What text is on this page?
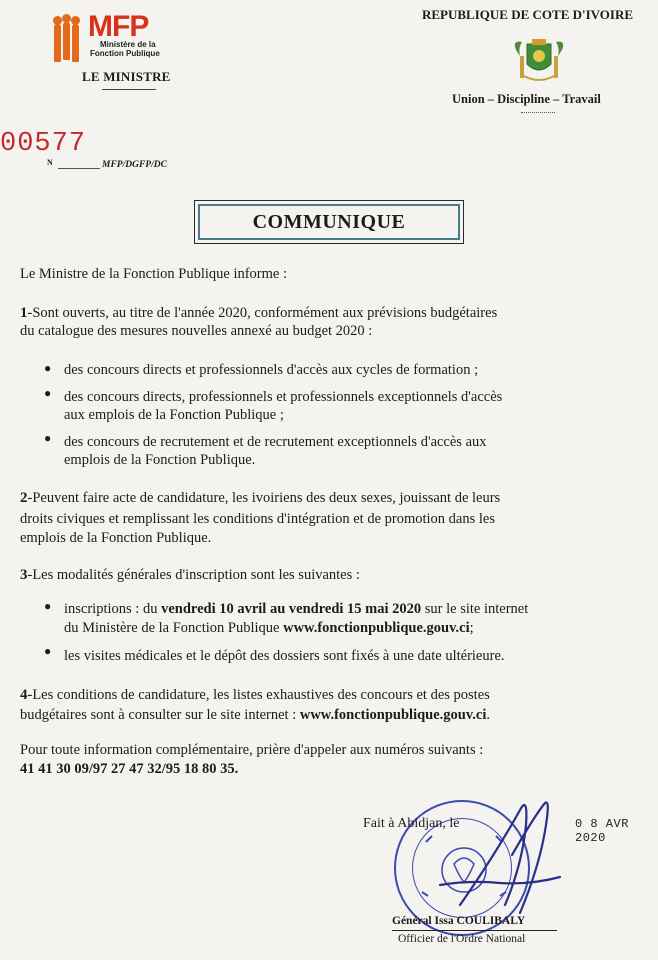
MFP
Ministère de la
Fonction Publique
LE MINISTRE
REPUBLIQUE DE COTE D'IVOIRE
Union – Discipline – Travail
00577
N	MFP/DGFP/DC
COMMUNIQUE
Le Ministre de la Fonction Publique informe :
1-Sont ouverts, au titre de l'année 2020, conformément aux prévisions budgétaires
du catalogue des mesures nouvelles annexé au budget 2020 :
● des concours directs et professionnels d'accès aux cycles de formation ;
● des concours directs, professionnels et professionnels exceptionnels d'accès
aux emplois de la Fonction Publique ;
● des concours de recrutement et de recrutement exceptionnels d'accès aux
emplois de la Fonction Publique.
2-Peuvent faire acte de candidature, les ivoiriens des deux sexes, jouissant de leurs
droits civiques et remplissant les conditions d'intégration et de promotion dans les
emplois de la Fonction Publique.
3-Les modalités générales d'inscription sont les suivantes :
● inscriptions : du vendredi 10 avril au vendredi 15 mai 2020 sur le site internet
du Ministère de la Fonction Publique www.fonctionpublique.gouv.ci;
● les visites médicales et le dépôt des dossiers sont fixés à une date ultérieure.
4-Les conditions de candidature, les listes exhaustives des concours et des postes
budgétaires sont à consulter sur le site internet : www.fonctionpublique.gouv.ci.
Pour toute information complémentaire, prière d'appeler aux numéros suivants :
41 41 30 09/97 27 47 32/95 18 80 35.
Fait à Abidjan, le	0 8 AVR 2020
Général Issa COULIBALY
Officier de l'Ordre National
